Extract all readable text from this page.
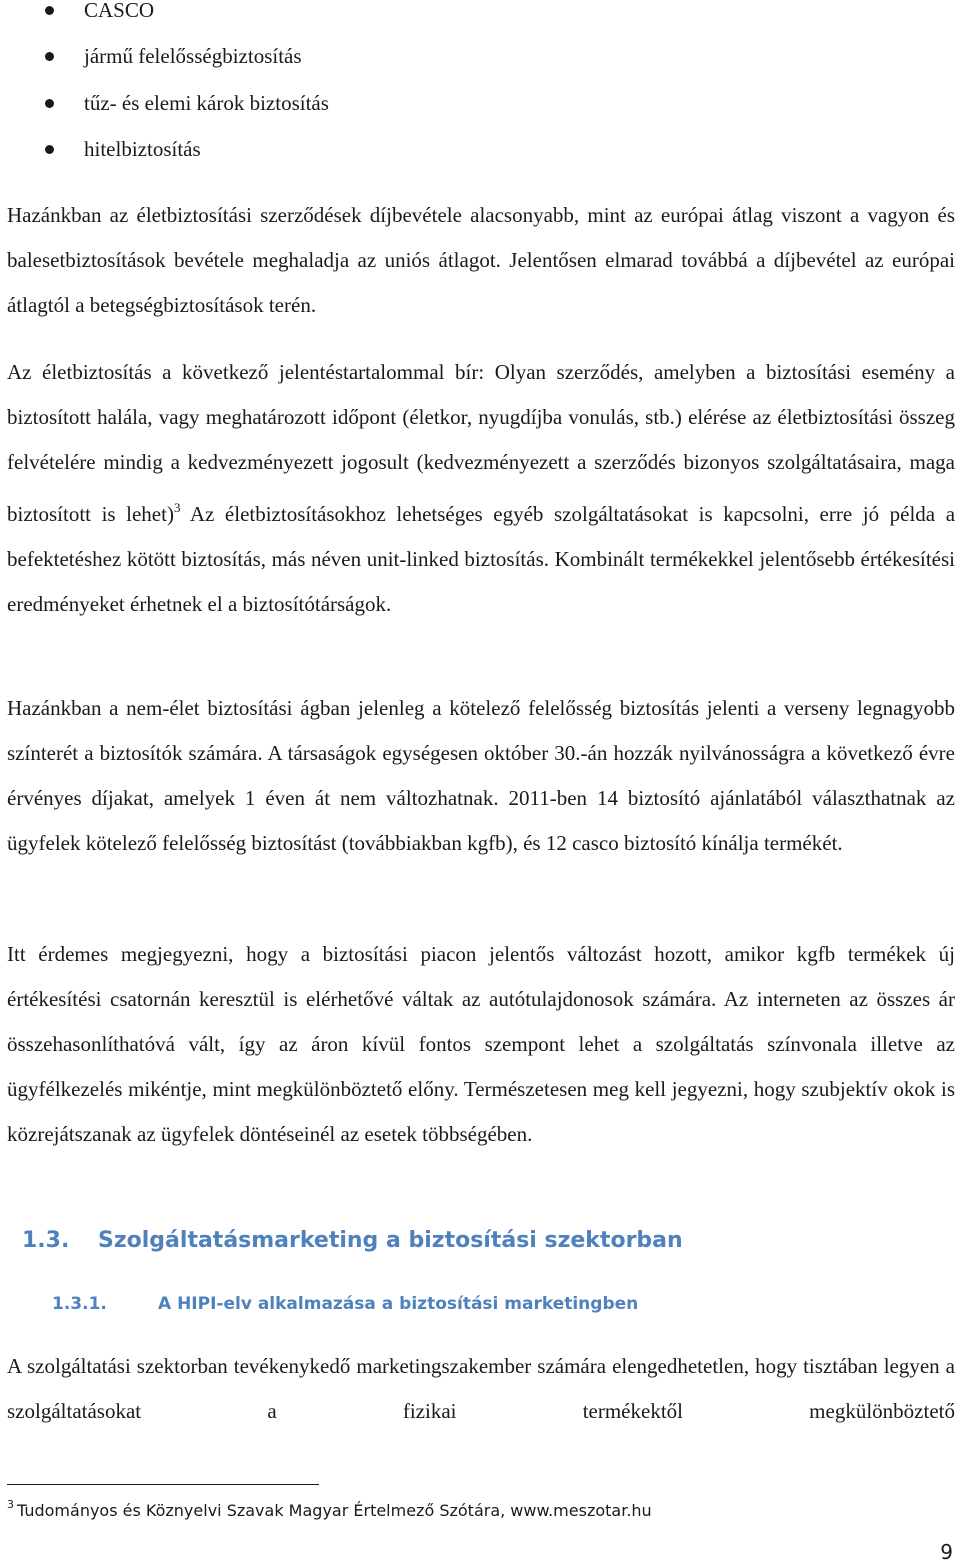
CASCO
jármű felelősségbiztosítás
tűz- és elemi károk biztosítás
hitelbiztosítás

Hazánkban az életbiztosítási szerződések díjbevétele alacsonyabb, mint az európai átlag viszont a vagyon és balesetbiztosítások bevétele meghaladja az uniós átlagot. Jelentősen elmarad továbbá a díjbevétel az európai átlagtól a betegségbiztosítások terén.

Az életbiztosítás a következő jelentéstartalommal bír: Olyan szerződés, amelyben a biztosítási esemény a biztosított halála, vagy meghatározott időpont (életkor, nyugdíjba vonulás, stb.) elérése az életbiztosítási összeg felvételére mindig a kedvezményezett jogosult (kedvezményezett a szerződés bizonyos szolgáltatásaira, maga biztosított is lehet)$^3$ Az életbiztosításokhoz lehetséges egyéb szolgáltatásokat is kapcsolni, erre jó példa a befektetéshez kötött biztosítás, más néven unit-linked biztosítás. Kombinált termékekkel jelentősebb értékesítési eredményeket érhetnek el a biztosítótárságok.

Hazánkban a nem-élet biztosítási ágban jelenleg a kötelező felelősség biztosítás jelenti a verseny legnagyobb színterét a biztosítók számára. A társaságok egységesen október 30.-án hozzák nyilvánosságra a következő évre érvényes díjakat, amelyek 1 éven át nem változhatnak. 2011-ben 14 biztosító ajánlatából választhatnak az ügyfelek kötelező felelősség biztosítást (továbbiakban kgfb), és 12 casco biztosító kínálja termékét.

Itt érdemes megjegyezni, hogy a biztosítási piacon jelentős változást hozott, amikor kgfb termékek új értékesítési csatornán keresztül is elérhetővé váltak az autótulajdonosok számára. Az interneten az összes ár összehasonlíthatóvá vált, így az áron kívül fontos szempont lehet a szolgáltatás színvonala illetve az ügyfélkezelés mikéntje, mint megkülönböztető előny. Természetesen meg kell jegyezni, hogy szubjektív okok is közrejátszanak az ügyfelek döntéseinél az esetek többségében.

1.3. Szolgáltatásmarketing a biztosítási szektorban
1.3.1.	A HIPI-elv alkalmazása a biztosítási marketingben

A szolgáltatási szektorban tevékenykedő marketingszakember számára elengedhetetlen, hogy tisztában legyen a szolgáltatásokat a fizikai termékektől megkülönböztető

$^3$ Tudományos és Köznyelvi Szavak Magyar Értelmező Szótára, www.meszotar.hu
9
